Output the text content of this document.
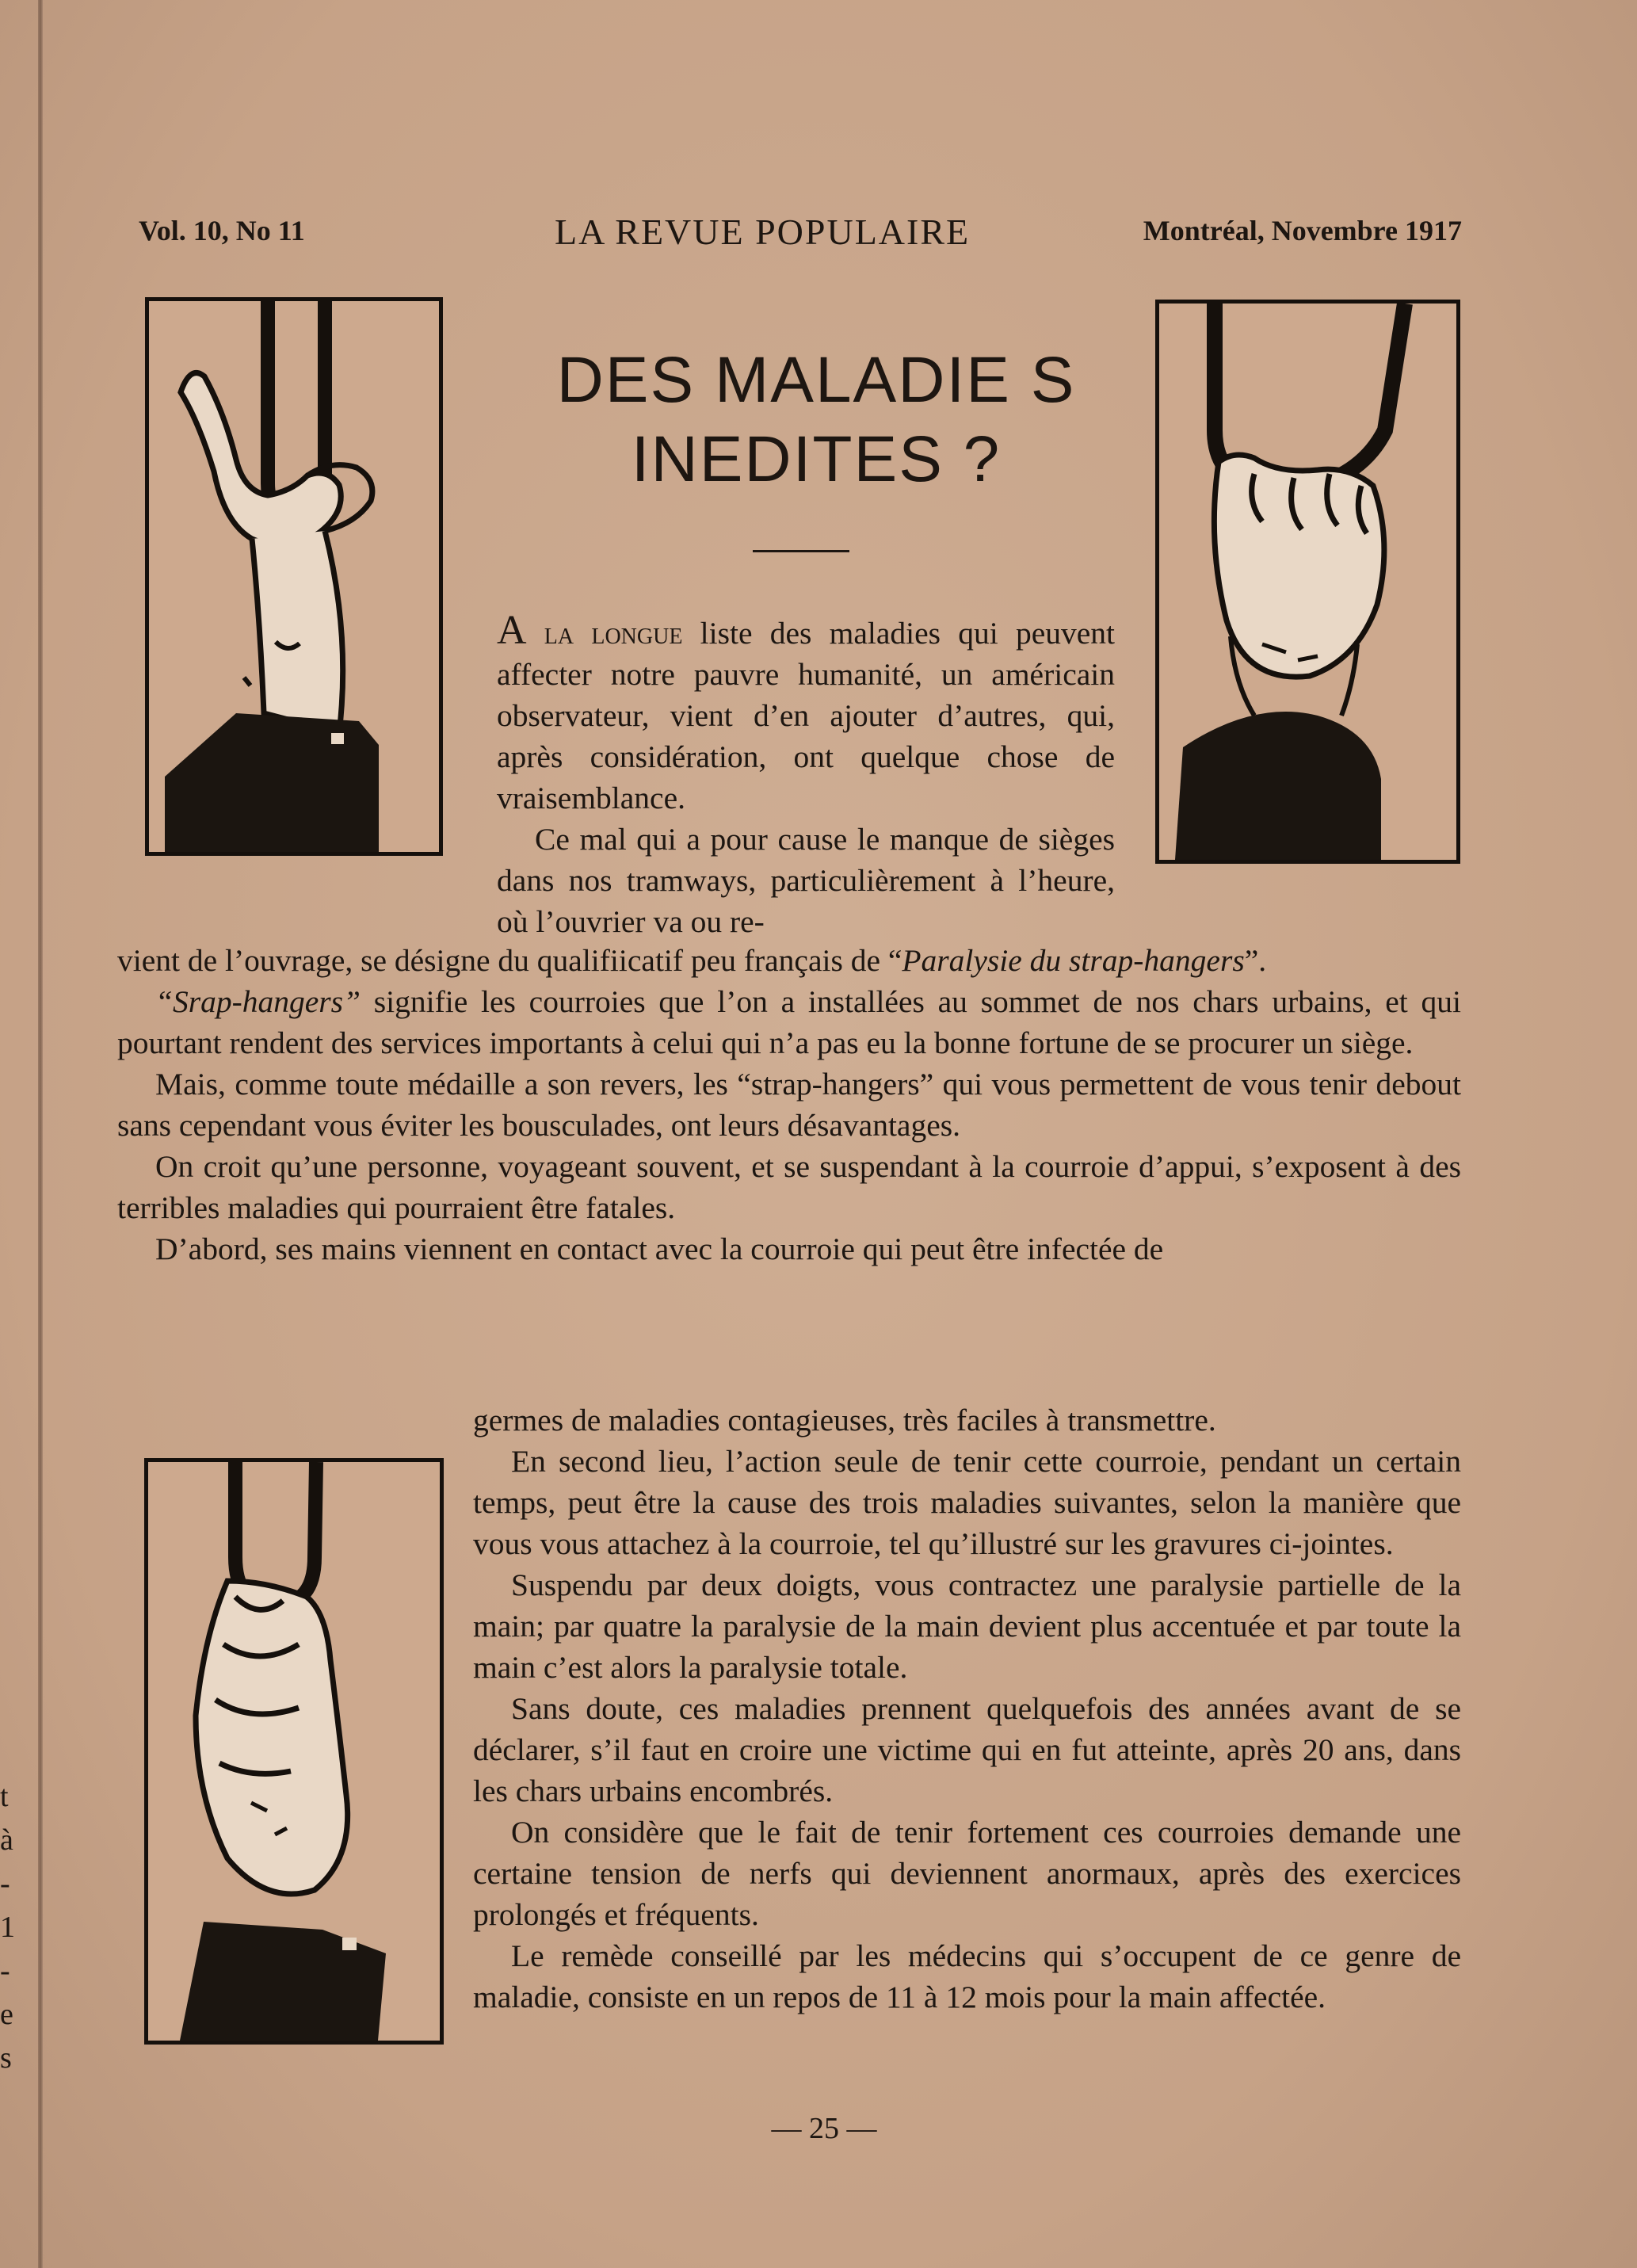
Vol. 10, No 11	LA REVUE POPULAIRE	Montréal, Novembre 1917
DES MALADIE S
INEDITES ?

A la longue liste des maladies qui peuvent affecter notre pauvre humanité, un américain observateur, vient d’en ajouter d’autres, qui, après considération, ont quelque chose de vraisemblance.

Ce mal qui a pour cause le manque de sièges dans nos tramways, particulièrement à l’heure, où l’ouvrier va ou re-

vient de l’ouvrage, se désigne du qualifiicatif peu français de “Paralysie du strap-hangers”.

“Srap-hangers” signifie les courroies que l’on a installées au sommet de nos chars urbains, et qui pourtant rendent des services importants à celui qui n’a pas eu la bonne fortune de se procurer un siège.

Mais, comme toute médaille a son revers, les “strap-hangers” qui vous permettent de vous tenir debout sans cependant vous éviter les bousculades, ont leurs désavantages.

On croit qu’une personne, voyageant souvent, et se suspendant à la courroie d’appui, s’exposent à des terribles maladies qui pourraient être fatales.

D’abord, ses mains viennent en contact avec la courroie qui peut être infectée de

germes de maladies contagieuses, très faciles à transmettre.

En second lieu, l’action seule de tenir cette courroie, pendant un certain temps, peut être la cause des trois maladies suivantes, selon la manière que vous vous attachez à la courroie, tel qu’illustré sur les gravures ci-jointes.

Suspendu par deux doigts, vous contractez une paralysie partielle de la main; par quatre la paralysie de la main devient plus accentuée et par toute la main c’est alors la paralysie totale.

Sans doute, ces maladies prennent quelquefois des années avant de se déclarer, s’il faut en croire une victime qui en fut atteinte, après 20 ans, dans les chars urbains encombrés.

On considère que le fait de tenir fortement ces courroies demande une certaine tension de nerfs qui deviennent anormaux, après des exercices prolongés et fréquents.

Le remède conseillé par les médecins qui s’occupent de ce genre de maladie, consiste en un repos de 11 à 12 mois pour la main affectée.

— 25 —
t
à
-
1
-
e
s
